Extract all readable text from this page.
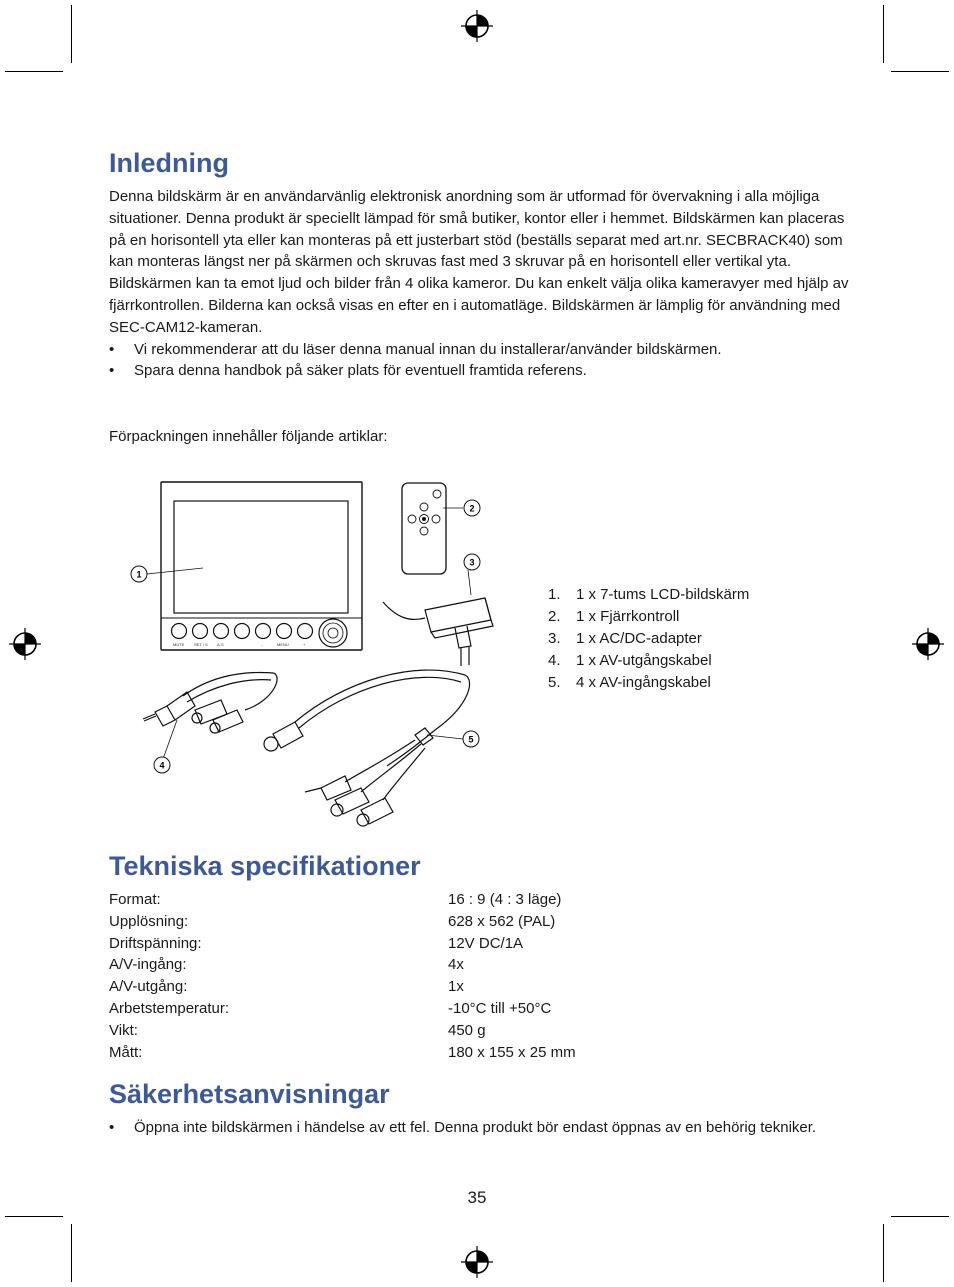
Inledning

Denna bildskärm är en användarvänlig elektronisk anordning som är utformad för övervakning i alla möjliga situationer. Denna produkt är speciellt lämpad för små butiker, kontor eller i hemmet. Bildskärmen kan placeras på en horisontell yta eller kan monteras på ett justerbart stöd (beställs separat med art.nr. SECBRACK40) som kan monteras längst ner på skärmen och skruvas fast med 3 skruvar på en horisontell eller vertikal yta.

Bildskärmen kan ta emot ljud och bilder från 4 olika kameror. Du kan enkelt välja olika kameravyer med hjälp av fjärrkontrollen. Bilderna kan också visas en efter en i automatläge. Bildskärmen är lämplig för användning med SEC-CAM12-kameran.

• Vi rekommenderar att du läser denna manual innan du installerar/använder bildskärmen.
• Spara denna handbok på säker plats för eventuell framtida referens.
Förpackningen innehåller följande artiklar:
MUTE SET / S A-S	-	MENU	+
1
2
3
4
5
1. 1 x 7-tums LCD-bildskärm
2. 1 x Fjärrkontroll
3. 1 x AC/DC-adapter
4. 1 x AV-utgångskabel
5. 4 x AV-ingångskabel
Tekniska specifikationer
Format:	16 : 9 (4 : 3 läge)
Upplösning:	628 x 562 (PAL)
Driftspänning:	12V DC/1A
A/V-ingång:	4x
A/V-utgång:	1x
Arbetstemperatur:	-10°C till +50°C
Vikt:	450 g
Mått:	180 x 155 x 25 mm
Säkerhetsanvisningar
• Öppna inte bildskärmen i händelse av ett fel. Denna produkt bör endast öppnas av en behörig tekniker.
35
